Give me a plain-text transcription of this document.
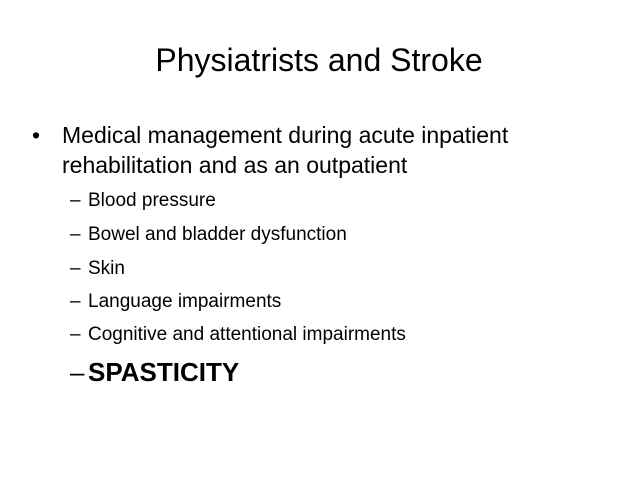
Physiatrists and Stroke
• Medical management during acute inpatient
rehabilitation and as an outpatient
– Blood pressure
– Bowel and bladder dysfunction
– Skin
– Language impairments
– Cognitive and attentional impairments
– SPASTICITY
